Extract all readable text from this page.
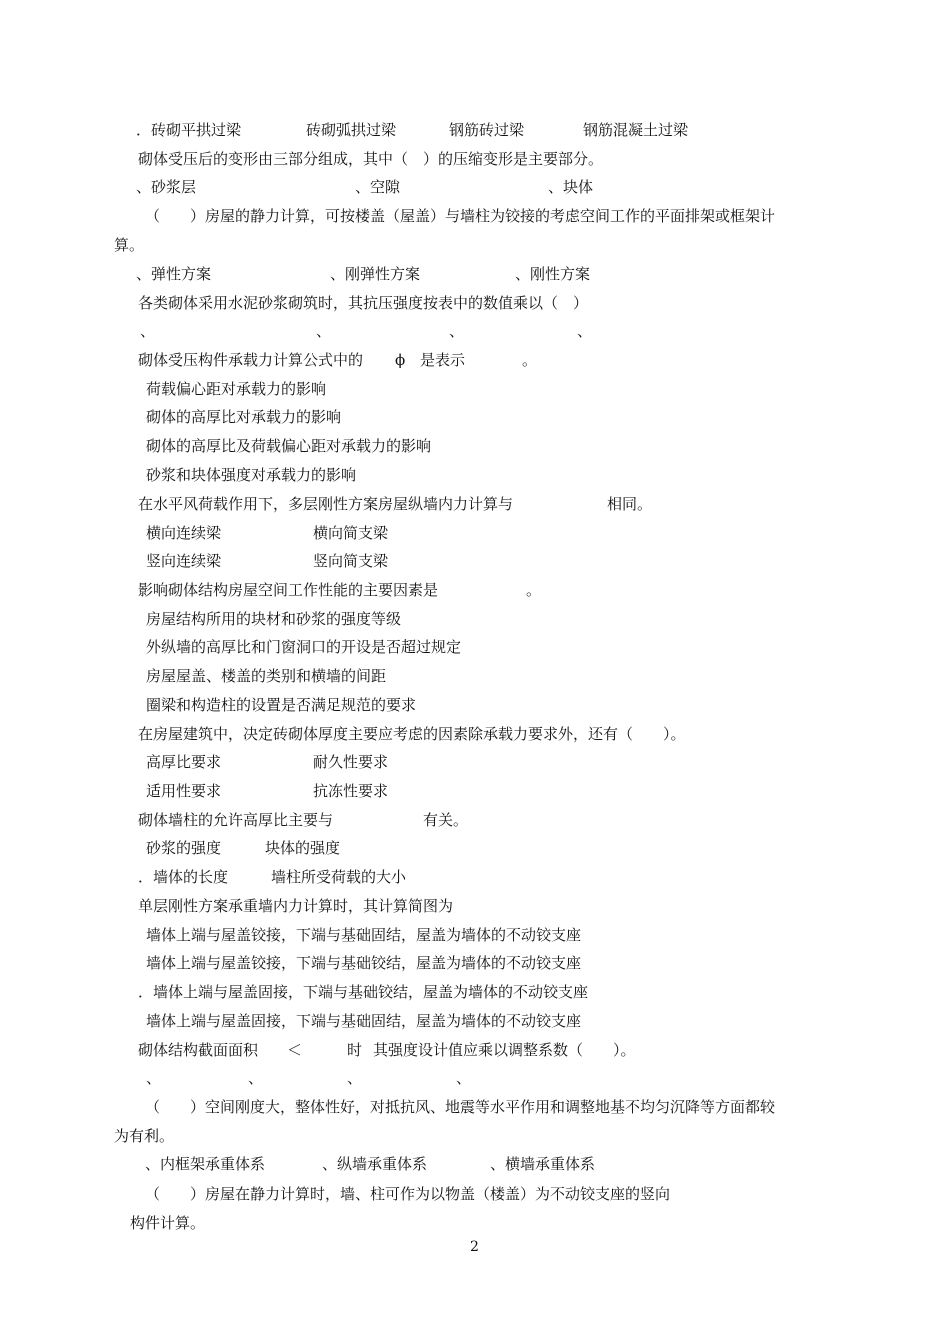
2
．砖砌平拱过梁	砖砌弧拱过梁	钢筋砖过梁	钢筋混凝土过梁
砌体受压后的变形由三部分组成，其中（　）的压缩变形是主要部分。
、砂浆层	、空隙	、块体
（　　）房屋的静力计算，可按楼盖（屋盖）与墙柱为铰接的考虑空间工作的平面排架或框架计
算。
、弹性方案	、刚弹性方案	、刚性方案
各类砌体采用水泥砂浆砌筑时，其抗压强度按表中的数值乘以（　）
、	、	、	、
砌体受压构件承载力计算公式中的 ϕ 是表示	。
荷载偏心距对承载力的影响
砌体的高厚比对承载力的影响
砌体的高厚比及荷载偏心距对承载力的影响
砂浆和块体强度对承载力的影响
在水平风荷载作用下，多层刚性方案房屋纵墙内力计算与	相同。
横向连续梁	横向简支梁
竖向连续梁	竖向简支梁
影响砌体结构房屋空间工作性能的主要因素是	。
房屋结构所用的块材和砂浆的强度等级
外纵墙的高厚比和门窗洞口的开设是否超过规定
房屋屋盖、楼盖的类别和横墙的间距
圈梁和构造柱的设置是否满足规范的要求
在房屋建筑中，决定砖砌体厚度主要应考虑的因素除承载力要求外，还有（　　）。
高厚比要求	耐久性要求
适用性要求	抗冻性要求
砌体墙柱的允许高厚比主要与	有关。
砂浆的强度	块体的强度
．墙体的长度	墙柱所受荷载的大小
单层刚性方案承重墙内力计算时，其计算简图为
墙体上端与屋盖铰接，下端与基础固结，屋盖为墙体的不动铰支座
墙体上端与屋盖铰接，下端与基础铰结，屋盖为墙体的不动铰支座
．墙体上端与屋盖固接，下端与基础铰结，屋盖为墙体的不动铰支座
墙体上端与屋盖固接，下端与基础固结，屋盖为墙体的不动铰支座
砌体结构截面面积 ＜	时 其强度设计值应乘以调整系数（　　）。
、	、	、	、
（　　）空间刚度大，整体性好，对抵抗风、地震等水平作用和调整地基不均匀沉降等方面都较
为有利。
、内框架承重体系	、纵墙承重体系	、横墙承重体系
（　　）房屋在静力计算时，墙、柱可作为以物盖（楼盖）为不动铰支座的竖向
构件计算。
